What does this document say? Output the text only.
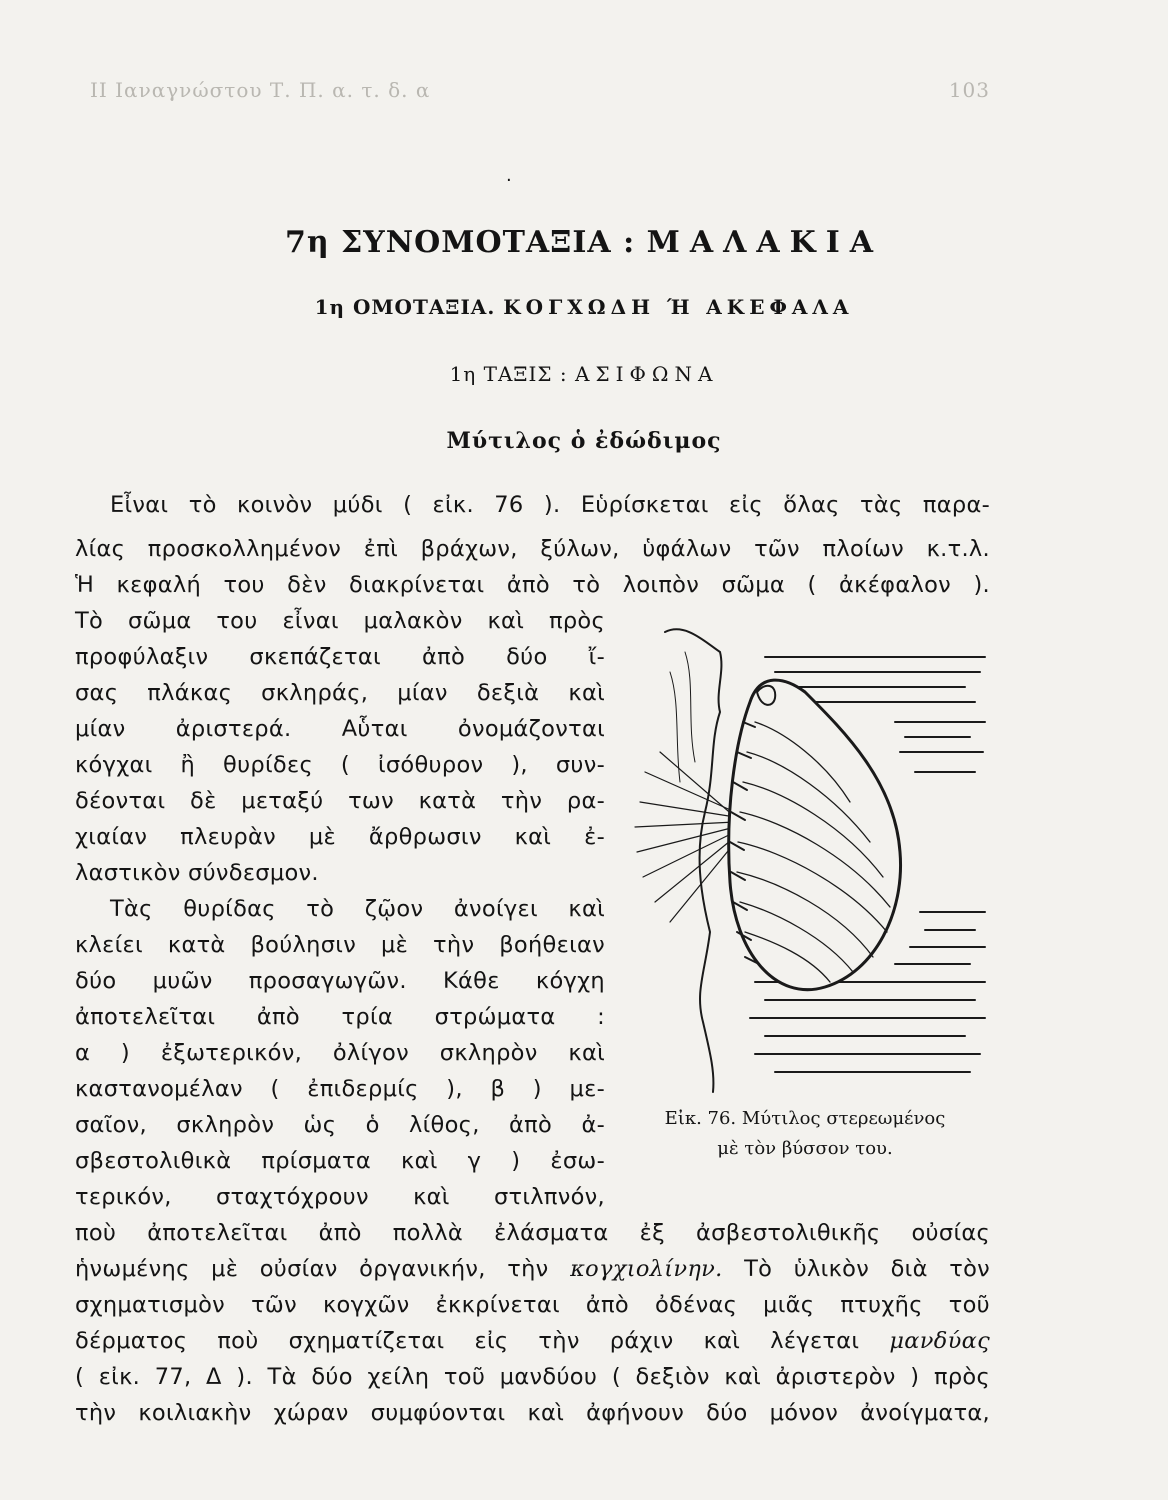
ΙΙ Ιαναγνώστου Τ. Π. α. τ. δ. α	103
·
7η ΣΥΝΟΜΟΤΑΞΙΑ : ΜΑΛΑΚΙΑ
1η ΟΜΟΤΑΞΙΑ. ΚΟΓΧΩΔΗ Ή ΑΚΕΦΑΛΑ
1η ΤΑΞΙΣ : ΑΣΙΦΩΝΑ
Μύτιλος ὁ ἐδώδιμος
Εἶναι τὸ κοινὸν μύδι ( εἰκ. 76 ). Εὑρίσκεται εἰς ὅλας τὰς παρα-
λίας προσκολλημένον ἐπὶ βράχων, ξύλων, ὑφάλων τῶν πλοίων κ.τ.λ.
Ἡ κεφαλή του δὲν διακρίνεται ἀπὸ τὸ λοιπὸν σῶμα ( ἀκέφαλον ).
Τὸ σῶμα του εἶναι μαλακὸν καὶ πρὸς
προφύλαξιν σκεπάζεται ἀπὸ δύο ἴ-
σας πλάκας σκληράς, μίαν δεξιὰ καὶ
μίαν ἀριστερά. Αὗται ὀνομάζονται
κόγχαι ἢ θυρίδες ( ἰσόθυρον ), συν-
δέονται δὲ μεταξύ των κατὰ τὴν ρα-
χιαίαν πλευρὰν μὲ ἄρθρωσιν καὶ ἐ-
λαστικὸν σύνδεσμον.
Τὰς θυρίδας τὸ ζῷον ἀνοίγει καὶ
κλείει κατὰ βούλησιν μὲ τὴν βοήθειαν
δύο μυῶν προσαγωγῶν. Κάθε κόγχη
ἀποτελεῖται ἀπὸ τρία στρώματα :
α ) ἐξωτερικόν, ὀλίγον σκληρὸν καὶ
καστανομέλαν ( ἐπιδερμίς ), β ) με-
σαῖον, σκληρὸν ὡς ὁ λίθος, ἀπὸ ἀ-
σβεστολιθικὰ πρίσματα καὶ γ ) ἐσω-
τερικόν, σταχτόχρουν καὶ στιλπνόν,
ποὺ ἀποτελεῖται ἀπὸ πολλὰ ἐλάσματα ἐξ ἀσβεστολιθικῆς οὐσίας
ἡνωμένης μὲ οὐσίαν ὀργανικήν, τὴν κογχιολίνην. Τὸ ὑλικὸν διὰ τὸν
σχηματισμὸν τῶν κογχῶν ἐκκρίνεται ἀπὸ ὀδένας μιᾶς πτυχῆς τοῦ
δέρματος ποὺ σχηματίζεται εἰς τὴν ράχιν καὶ λέγεται μανδύας
( εἰκ. 77, Δ ). Τὰ δύο χείλη τοῦ μανδύου ( δεξιὸν καὶ ἀριστερὸν ) πρὸς
τὴν κοιλιακὴν χώραν συμφύονται καὶ ἀφήνουν δύο μόνον ἀνοίγματα,
Εἰκ. 76. Μύτιλος στερεωμένος
μὲ τὸν βύσσον του.
